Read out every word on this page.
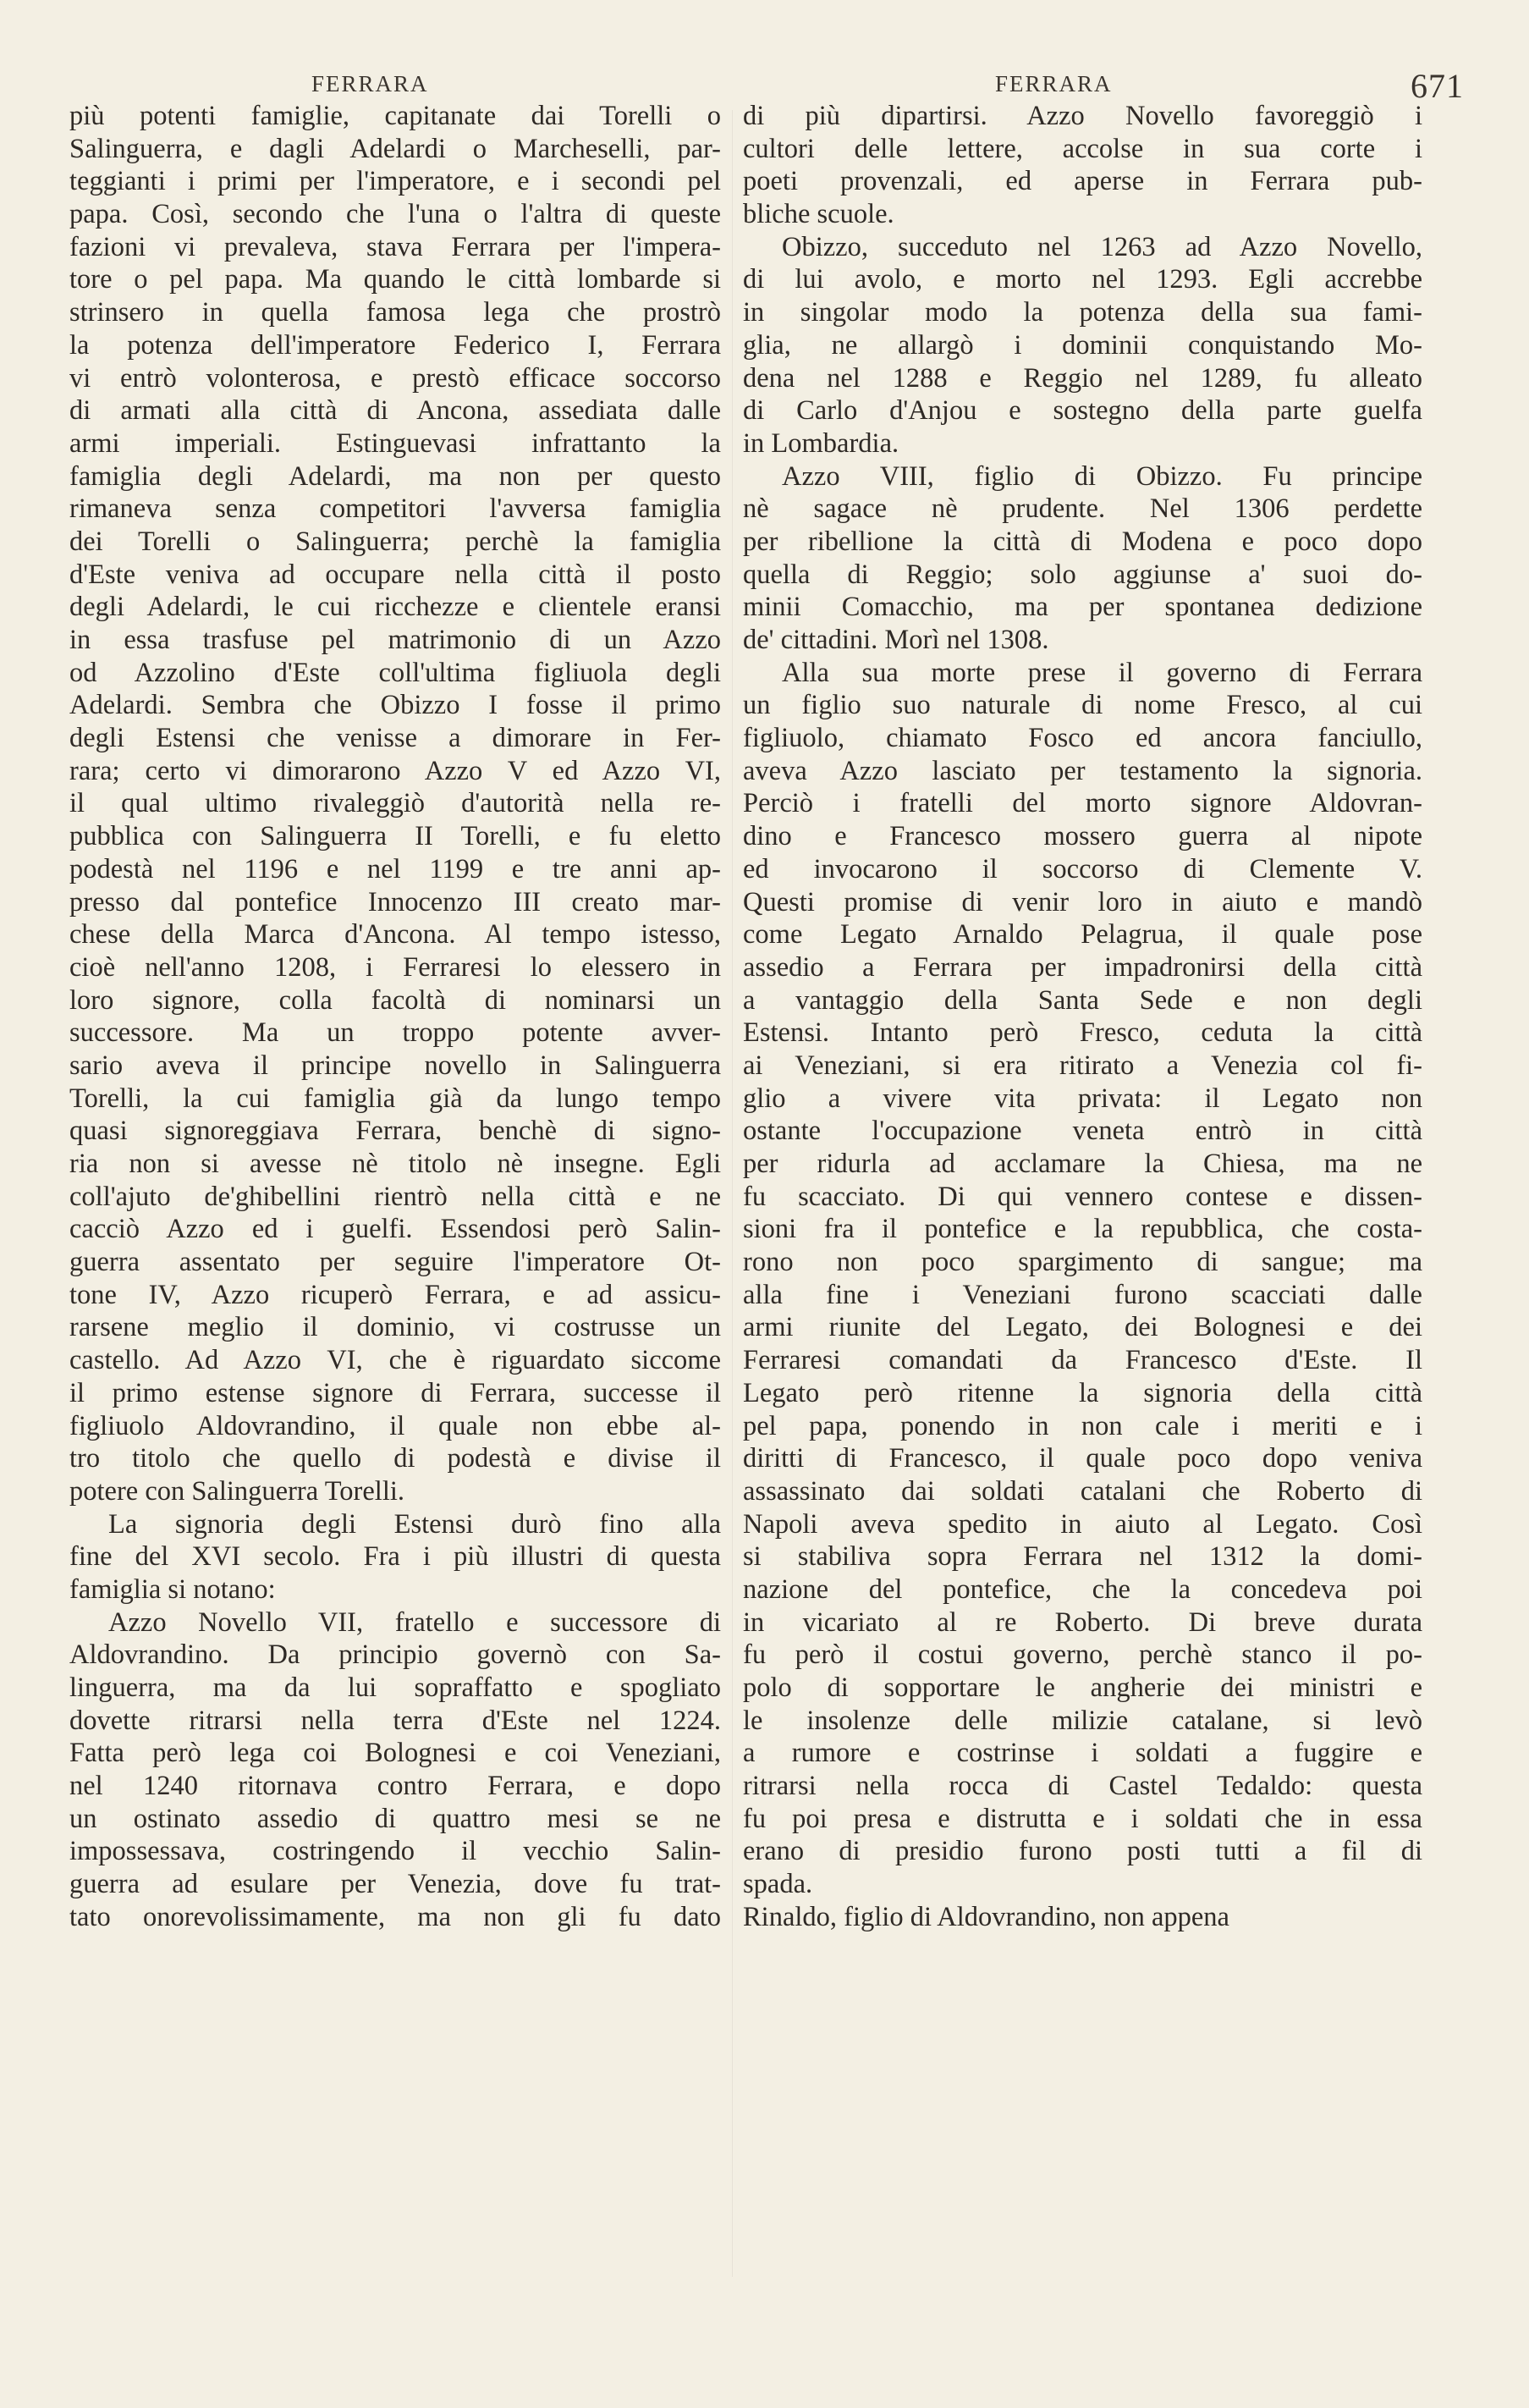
FERRARA	FERRARA	671
più potenti famiglie, capitanate dai Torelli o
Salinguerra, e dagli Adelardi o Marcheselli, par-
teggianti i primi per l'imperatore, e i secondi pel
papa. Così, secondo che l'una o l'altra di queste
fazioni vi prevaleva, stava Ferrara per l'impera-
tore o pel papa. Ma quando le città lombarde si
strinsero in quella famosa lega che prostrò
la potenza dell'imperatore Federico I, Ferrara
vi entrò volonterosa, e prestò efficace soccorso
di armati alla città di Ancona, assediata dalle
armi imperiali. Estinguevasi infrattanto la
famiglia degli Adelardi, ma non per questo
rimaneva senza competitori l'avversa famiglia
dei Torelli o Salinguerra; perchè la famiglia
d'Este veniva ad occupare nella città il posto
degli Adelardi, le cui ricchezze e clientele eransi
in essa trasfuse pel matrimonio di un Azzo
od Azzolino d'Este coll'ultima figliuola degli
Adelardi. Sembra che Obizzo I fosse il primo
degli Estensi che venisse a dimorare in Fer-
rara; certo vi dimorarono Azzo V ed Azzo VI,
il qual ultimo rivaleggiò d'autorità nella re-
pubblica con Salinguerra II Torelli, e fu eletto
podestà nel 1196 e nel 1199 e tre anni ap-
presso dal pontefice Innocenzo III creato mar-
chese della Marca d'Ancona. Al tempo istesso,
cioè nell'anno 1208, i Ferraresi lo elessero in
loro signore, colla facoltà di nominarsi un
successore. Ma un troppo potente avver-
sario aveva il principe novello in Salinguerra
Torelli, la cui famiglia già da lungo tempo
quasi signoreggiava Ferrara, benchè di signo-
ria non si avesse nè titolo nè insegne. Egli
coll'ajuto de'ghibellini rientrò nella città e ne
cacciò Azzo ed i guelfi. Essendosi però Salin-
guerra assentato per seguire l'imperatore Ot-
tone IV, Azzo ricuperò Ferrara, e ad assicu-
rarsene meglio il dominio, vi costrusse un
castello. Ad Azzo VI, che è riguardato siccome
il primo estense signore di Ferrara, successe il
figliuolo Aldovrandino, il quale non ebbe al-
tro titolo che quello di podestà e divise il
potere con Salinguerra Torelli.
La signoria degli Estensi durò fino alla
fine del XVI secolo. Fra i più illustri di questa
famiglia si notano:
Azzo Novello VII, fratello e successore di
Aldovrandino. Da principio governò con Sa-
linguerra, ma da lui sopraffatto e spogliato
dovette ritrarsi nella terra d'Este nel 1224.
Fatta però lega coi Bolognesi e coi Veneziani,
nel 1240 ritornava contro Ferrara, e dopo
un ostinato assedio di quattro mesi se ne
impossessava, costringendo il vecchio Salin-
guerra ad esulare per Venezia, dove fu trat-
tato onorevolissimamente, ma non gli fu dato
di più dipartirsi. Azzo Novello favoreggiò i
cultori delle lettere, accolse in sua corte i
poeti provenzali, ed aperse in Ferrara pub-
bliche scuole.
Obizzo, succeduto nel 1263 ad Azzo Novello,
di lui avolo, e morto nel 1293. Egli accrebbe
in singolar modo la potenza della sua fami-
glia, ne allargò i dominii conquistando Mo-
dena nel 1288 e Reggio nel 1289, fu alleato
di Carlo d'Anjou e sostegno della parte guelfa
in Lombardia.
Azzo VIII, figlio di Obizzo. Fu principe
nè sagace nè prudente. Nel 1306 perdette
per ribellione la città di Modena e poco dopo
quella di Reggio; solo aggiunse a' suoi do-
minii Comacchio, ma per spontanea dedizione
de' cittadini. Morì nel 1308.
Alla sua morte prese il governo di Ferrara
un figlio suo naturale di nome Fresco, al cui
figliuolo, chiamato Fosco ed ancora fanciullo,
aveva Azzo lasciato per testamento la signoria.
Perciò i fratelli del morto signore Aldovran-
dino e Francesco mossero guerra al nipote
ed invocarono il soccorso di Clemente V.
Questi promise di venir loro in aiuto e mandò
come Legato Arnaldo Pelagrua, il quale pose
assedio a Ferrara per impadronirsi della città
a vantaggio della Santa Sede e non degli
Estensi. Intanto però Fresco, ceduta la città
ai Veneziani, si era ritirato a Venezia col fi-
glio a vivere vita privata: il Legato non
ostante l'occupazione veneta entrò in città
per ridurla ad acclamare la Chiesa, ma ne
fu scacciato. Di qui vennero contese e dissen-
sioni fra il pontefice e la repubblica, che costa-
rono non poco spargimento di sangue; ma
alla fine i Veneziani furono scacciati dalle
armi riunite del Legato, dei Bolognesi e dei
Ferraresi comandati da Francesco d'Este. Il
Legato però ritenne la signoria della città
pel papa, ponendo in non cale i meriti e i
diritti di Francesco, il quale poco dopo veniva
assassinato dai soldati catalani che Roberto di
Napoli aveva spedito in aiuto al Legato. Così
si stabiliva sopra Ferrara nel 1312 la domi-
nazione del pontefice, che la concedeva poi
in vicariato al re Roberto. Di breve durata
fu però il costui governo, perchè stanco il po-
polo di sopportare le angherie dei ministri e
le insolenze delle milizie catalane, si levò
a rumore e costrinse i soldati a fuggire e
ritrarsi nella rocca di Castel Tedaldo: questa
fu poi presa e distrutta e i soldati che in essa
erano di presidio furono posti tutti a fil di
spada.
Rinaldo, figlio di Aldovrandino, non appena
